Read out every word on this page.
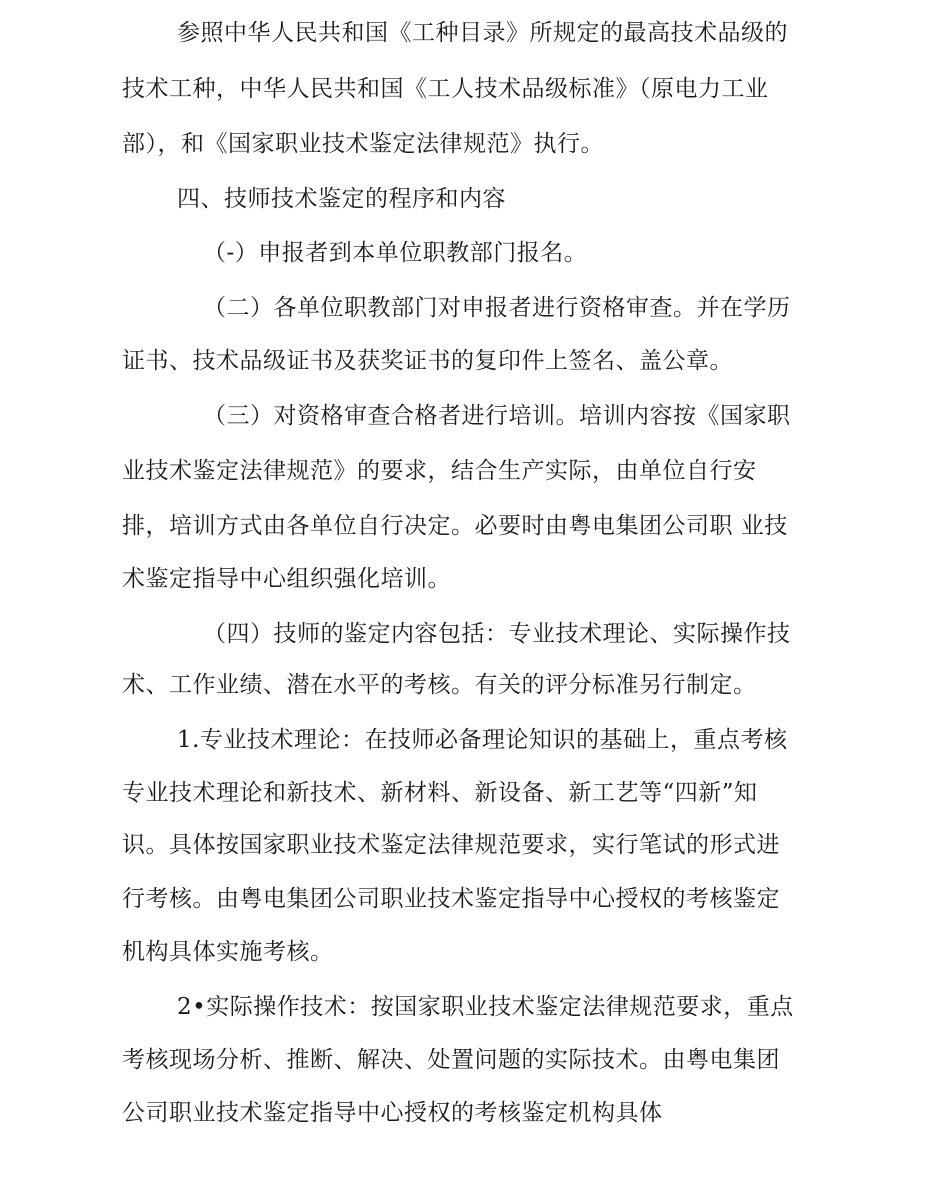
参照中华人民共和国《工种目录》所规定的最高技术品级的
技术工种，中华人民共和国《工人技术品级标准》（原电力工业
部），和《国家职业技术鉴定法律规范》执行。
四、技师技术鉴定的程序和内容
（-）申报者到本单位职教部门报名。
（二）各单位职教部门对申报者进行资格审查。并在学历
证书、技术品级证书及获奖证书的复印件上签名、盖公章。
（三）对资格审查合格者进行培训。培训内容按《国家职
业技术鉴定法律规范》的要求，结合生产实际，由单位自行安
排，培训方式由各单位自行决定。必要时由粤电集团公司职 业技
术鉴定指导中心组织强化培训。
（四）技师的鉴定内容包括：专业技术理论、实际操作技
术、工作业绩、潜在水平的考核。有关的评分标准另行制定。
1.专业技术理论：在技师必备理论知识的基础上，重点考核
专业技术理论和新技术、新材料、新设备、新工艺等“四新”知
识。具体按国家职业技术鉴定法律规范要求，实行笔试的形式进
行考核。由粤电集团公司职业技术鉴定指导中心授权的考核鉴定
机构具体实施考核。
2•实际操作技术：按国家职业技术鉴定法律规范要求，重点
考核现场分析、推断、解决、处置问题的实际技术。由粤电集团
公司职业技术鉴定指导中心授权的考核鉴定机构具体
